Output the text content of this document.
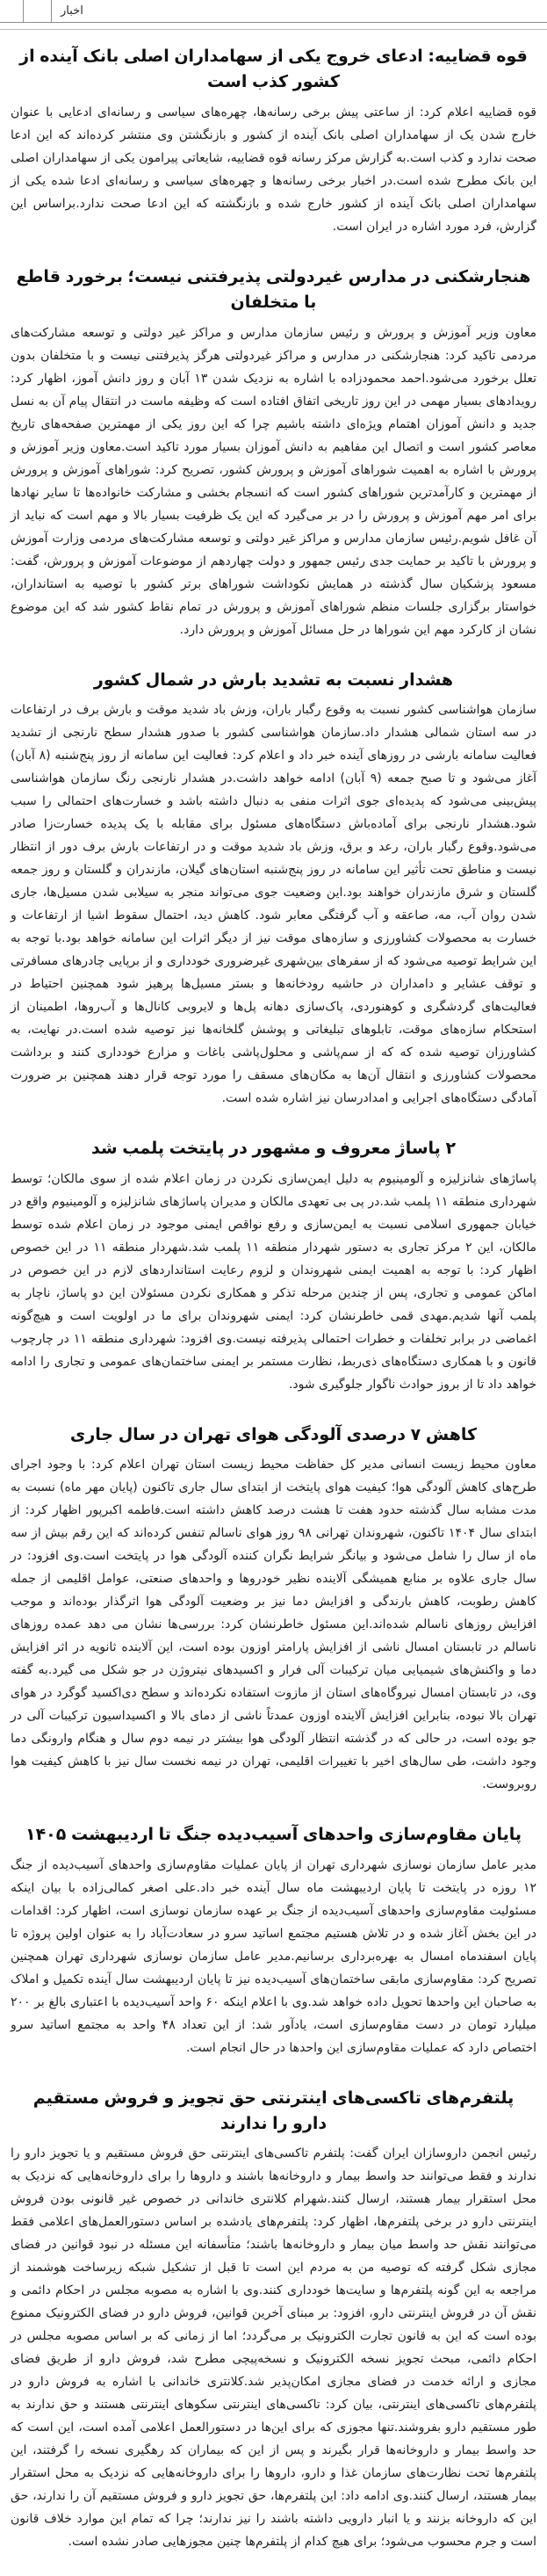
اخبار
قوه قضاییه: ادعای خروج یکی از سهامداران اصلی بانک آینده از کشور کذب است

قوه قضاییه اعلام کرد: از ساعتی پیش برخی رسانه‌ها، چهره‌های سیاسی و رسانه‌ای ادعایی با عنوان خارج شدن یک از سهامداران اصلی بانک آینده از کشور و بازنگشتن وی منتشر کرده‌اند که این ادعا صحت ندارد و کذب است.به گزارش مرکز رسانه قوه قضاییه، شایعاتی پیرامون یکی از سهامداران اصلی این بانک مطرح شده است.در اخبار برخی رسانه‌ها و چهره‌های سیاسی و رسانه‌ای ادعا شده یکی از سهامداران اصلی بانک آینده از کشور خارج شده و بازنگشته که این ادعا صحت ندارد.براساس این گزارش، فرد مورد اشاره در ایران است.

هنجارشکنی در مدارس غیردولتی پذیرفتنی نیست؛ برخورد قاطع با متخلفان

معاون وزیر آموزش و پرورش و رئیس سازمان مدارس و مراکز غیر دولتی و توسعه مشارکت‌های مردمی تاکید کرد: هنجارشکنی در مدارس و مراکز غیردولتی هرگز پذیرفتنی نیست و با متخلفان بدون تعلل برخورد می‌شود.احمد محمودزاده با اشاره به نزدیک شدن ۱۳ آبان و روز دانش آموز، اظهار کرد: رویدادهای بسیار مهمی در این روز تاریخی اتفاق افتاده است که وظیفه ماست در انتقال پیام آن به نسل جدید و دانش آموزان اهتمام ویژه‌ای داشته باشیم چرا که این روز یکی از مهمترین صفحه‌های تاریخ معاصر کشور است و اتصال این مفاهیم به دانش آموزان بسیار مورد تاکید است.معاون وزیر آموزش و پرورش با اشاره به اهمیت شوراهای آموزش و پرورش کشور، تصریح کرد: شوراهای آموزش و پرورش از مهمترین و کارآمدترین شوراهای کشور است که انسجام بخشی و مشارکت خانواده‌ها تا سایر نهادها برای امر مهم آموزش و پرورش را در بر می‌گیرد که این یک ظرفیت بسیار بالا و مهم است که نباید از آن غافل شویم.رئیس سازمان مدارس و مراکز غیر دولتی و توسعه مشارکت‌های مردمی وزارت آموزش و پرورش با تاکید بر حمایت جدی رئیس جمهور و دولت چهاردهم از موضوعات آموزش و پرورش، گفت: مسعود پزشکیان سال گذشته در همایش نکوداشت شوراهای برتر کشور با توصیه به استانداران، خواستار برگزاری جلسات منظم شوراهای آموزش و پرورش در تمام نقاط کشور شد که این موضوع نشان از کارکرد مهم این شوراها در حل مسائل آموزش و پرورش دارد.

هشدار نسبت به تشدید بارش در شمال کشور

سازمان هواشناسی کشور نسبت به وقوع رگبار باران، وزش باد شدید موقت و بارش برف در ارتفاعات در سه استان شمالی هشدار داد.سازمان هواشناسی کشور با صدور هشدار سطح نارنجی از تشدید فعالیت سامانه بارشی در روزهای آینده خبر داد و اعلام کرد: فعالیت این سامانه از روز پنج‌شنبه (۸ آبان) آغاز می‌شود و تا صبح جمعه (۹ آبان) ادامه خواهد داشت.در هشدار نارنجی رنگ سازمان هواشناسی پیش‌بینی می‌شود که پدیده‌ای جوی اثرات منفی به دنبال داشته باشد و خسارت‌های احتمالی را سبب شود.هشدار نارنجی برای آماده‌باش دستگاه‌های مسئول برای مقابله با یک پدیده خسارت‌زا صادر می‌شود.وقوع رگبار باران، رعد و برق، وزش باد شدید موقت و در ارتفاعات بارش برف دور از انتظار نیست و مناطق تحت تأثیر این سامانه در روز پنج‌شنبه استان‌های گیلان، مازندران و گلستان و روز جمعه گلستان و شرق مازندران خواهند بود.این وضعیت جوی می‌تواند منجر به سیلابی شدن مسیل‌ها، جاری شدن روان آب، مه، صاعقه و آب گرفتگی معابر شود. کاهش دید، احتمال سقوط اشیا از ارتفاعات و خسارت به محصولات کشاورزی و سازه‌های موقت نیز از دیگر اثرات این سامانه خواهد بود.با توجه به این شرایط توصیه می‌شود که از سفرهای بین‌شهری غیرضروری خودداری و از برپایی چادرهای مسافرتی و توقف عشایر و دامداران در حاشیه رودخانه‌ها و بستر مسیل‌ها پرهیز شود همچنین احتیاط در فعالیت‌های گردشگری و کوهنوردی، پاک‌سازی دهانه پل‌ها و لایروبی کانال‌ها و آب‌روها، اطمینان از استحکام سازه‌های موقت، تابلوهای تبلیغاتی و پوشش گلخانه‌ها نیز توصیه شده است.در نهایت، به کشاورزان توصیه شده که که از سم‌پاشی و محلول‌پاشی باغات و مزارع خودداری کنند و برداشت محصولات کشاورزی و انتقال آن‌ها به مکان‌های مسقف را مورد توجه قرار دهند همچنین بر ضرورت آمادگی دستگاه‌های اجرایی و امدادرسان نیز اشاره شده است.

۲ پاساژ معروف و مشهور در پایتخت پلمب شد

پاساژهای شانزلیزه و آلومینیوم به دلیل ایمن‌سازی نکردن در زمان اعلام شده از سوی مالکان؛ توسط شهرداری منطقه ۱۱ پلمب شد.در پی بی تعهدی مالکان و مدیران پاساژهای شانزلیزه و آلومینیوم واقع در خیابان جمهوری اسلامی نسبت به ایمن‌سازی و رفع نواقص ایمنی موجود در زمان اعلام شده توسط مالکان، این ۲ مرکز تجاری به دستور شهردار منطقه ۱۱ پلمب شد.شهردار منطقه ۱۱ در این خصوص اظهار کرد: با توجه به اهمیت ایمنی شهروندان و لزوم رعایت استانداردهای لازم در این خصوص در اماکن عمومی و تجاری، پس از چندین مرحله تذکر و همکاری نکردن مسئولان این دو پاساژ، ناچار به پلمب آنها شدیم.مهدی قمی خاطرنشان کرد: ایمنی شهروندان برای ما در اولویت است و هیچ‌گونه اغماضی در برابر تخلفات و خطرات احتمالی پذیرفته نیست.وی افزود: شهرداری منطقه ۱۱ در چارچوب قانون و با همکاری دستگاه‌های ذی‌ربط، نظارت مستمر بر ایمنی ساختمان‌های عمومی و تجاری را ادامه خواهد داد تا از بروز حوادث ناگوار جلوگیری شود.

کاهش ۷ درصدی آلودگی هوای تهران در سال جاری

معاون محیط زیست انسانی مدیر کل حفاظت محیط زیست استان تهران اعلام کرد: با وجود اجرای طرح‌های کاهش آلودگی هوا؛ کیفیت هوای پایتخت از ابتدای سال جاری تاکنون (پایان مهر ماه) نسبت به مدت مشابه سال گذشته حدود هفت تا هشت درصد کاهش داشته است.فاطمه اکبرپور اظهار کرد: از ابتدای سال ۱۴۰۴ تاکنون، شهروندان تهرانی ۹۸ روز هوای ناسالم تنفس کرده‌اند که این رقم بیش از سه ماه از سال را شامل می‌شود و بیانگر شرایط نگران کننده آلودگی هوا در پایتخت است.وی افزود: در سال جاری علاوه بر منابع همیشگی آلاینده نظیر خودروها و واحدهای صنعتی، عوامل اقلیمی از جمله کاهش رطوبت، کاهش بارندگی و افزایش دما نیز بر وضعیت آلودگی هوا اثرگذار بوده‌اند و موجب افزایش روزهای ناسالم شده‌اند.این مسئول خاطرنشان کرد: بررسی‌ها نشان می دهد عمده روزهای ناسالم در تابستان امسال ناشی از افزایش پارامتر اوزون بوده است، این آلاینده ثانویه در اثر افزایش دما و واکنش‌های شیمیایی میان ترکیبات آلی فرار و اکسیدهای نیتروژن در جو شکل می گیرد.به گفته وی، در تابستان امسال نیروگاه‌های استان از مازوت استفاده نکرده‌اند و سطح دی‌اکسید گوگرد در هوای تهران بالا نبوده، بنابراین افزایش آلاینده اوزون عمدتاً ناشی از دمای بالا و اکسیداسیون ترکیبات آلی در جو بوده است، در حالی که در گذشته انتظار آلودگی هوا بیشتر در نیمه دوم سال و هنگام وارونگی دما وجود داشت، طی سال‌های اخیر با تغییرات اقلیمی، تهران در نیمه نخست سال نیز با کاهش کیفیت هوا روبروست.

پایان مقاوم‌سازی واحدهای آسیب‌دیده جنگ تا اردیبهشت ۱۴۰۵

مدیر عامل سازمان نوسازی شهرداری تهران از پایان عملیات مقاوم‌سازی واحدهای آسیب‌دیده از جنگ ۱۲ روزه در پایتخت تا پایان اردیبهشت ماه سال آینده خبر داد.علی اصغر کمالی‌زاده با بیان اینکه مسئولیت مقاوم‌سازی واحدهای آسیب‌دیده از جنگ بر عهده سازمان نوسازی است، اظهار کرد: اقدامات در این بخش آغاز شده و در تلاش هستیم مجتمع اساتید سرو در سعادت‌آباد را به عنوان اولین پروژه تا پایان اسفندماه امسال به بهره‌برداری برسانیم.مدیر عامل سازمان نوسازی شهرداری تهران همچنین تصریح کرد: مقاوم‌سازی مابقی ساختمان‌های آسیب‌دیده نیز تا پایان اردیبهشت سال آینده تکمیل و املاک به صاحبان این واحدها تحویل داده خواهد شد.وی با اعلام اینکه ۶۰ واحد آسیب‌دیده با اعتباری بالغ بر ۲۰۰ میلیارد تومان در دست مقاوم‌سازی است، یادآور شد: از این تعداد ۴۸ واحد به مجتمع اساتید سرو اختصاص دارد که عملیات مقاوم‌سازی این واحدها در حال انجام است.

پلتفرم‌های تاکسی‌های اینترنتی حق تجویز و فروش مستقیم دارو را ندارند

رئیس انجمن داروسازان ایران گفت: پلتفرم تاکسی‌های اینترنتی حق فروش مستقیم و یا تجویز دارو را ندارند و فقط می‌توانند حد واسط بیمار و داروخانه‌ها باشند و داروها را برای داروخانه‌هایی که نزدیک به محل استقرار بیمار هستند، ارسال کنند.شهرام کلانتری خاندانی در خصوص غیر قانونی بودن فروش اینترنتی دارو در برخی پلتفرم‌ها، اظهار کرد: پلتفرم‌های یادشده بر اساس دستورالعمل‌های اعلامی فقط می‌توانند نقش حد واسط میان بیمار و داروخانه‌ها باشند؛ متأسفانه این مسئله در نبود قوانین در فضای مجازی شکل گرفته که توصیه من به مردم این است تا قبل از تشکیل شبکه زیرساخت هوشمند از مراجعه به این گونه پلتفرم‌ها و سایت‌ها خودداری کنند.وی با اشاره به مصوبه مجلس در احکام دائمی و نقش آن در فروش اینترنتی دارو، افزود: بر مبنای آخرین قوانین، فروش دارو در فضای الکترونیک ممنوع بوده است که این به قانون تجارت الکترونیک بر می‌گردد؛ اما از زمانی که بر اساس مصوبه مجلس در احکام دائمی، مبحث تجویز نسخه الکترونیک و نسخه‌پیچی مطرح شد، فروش دارو از طریق فضای مجازی و ارائه خدمت در فضای مجازی امکان‌پذیر شد.کلانتری خاندانی با اشاره به فروش دارو در پلتفرم‌های تاکسی‌های اینترنتی، بیان کرد: تاکسی‌های اینترنتی سکوهای اینترنتی هستند و حق ندارند به طور مستقیم دارو بفروشند.تنها مجوزی که برای این‌ها در دستورالعمل اعلامی آمده است، این است که حد واسط بیمار و داروخانه‌ها قرار بگیرند و پس از این که بیماران کد رهگیری نسخه را گرفتند، این پلتفرم‌ها تحت نظارت‌های سازمان غذا و دارو، داروها را برای داروخانه‌هایی که نزدیک به محل استقرار بیمار هستند، ارسال کنند.وی ادامه داد: این پلتفرم‌ها، حق تجویز دارو و فروش مستقیم آن را ندارند، حق این که داروخانه بزنند و یا انبار دارویی داشته باشند را نیز ندارند؛ چرا که تمام این موارد خلاف قانون است و جرم محسوب می‌شود؛ برای هیچ کدام از پلتفرم‌ها چنین مجوزهایی صادر نشده است.
